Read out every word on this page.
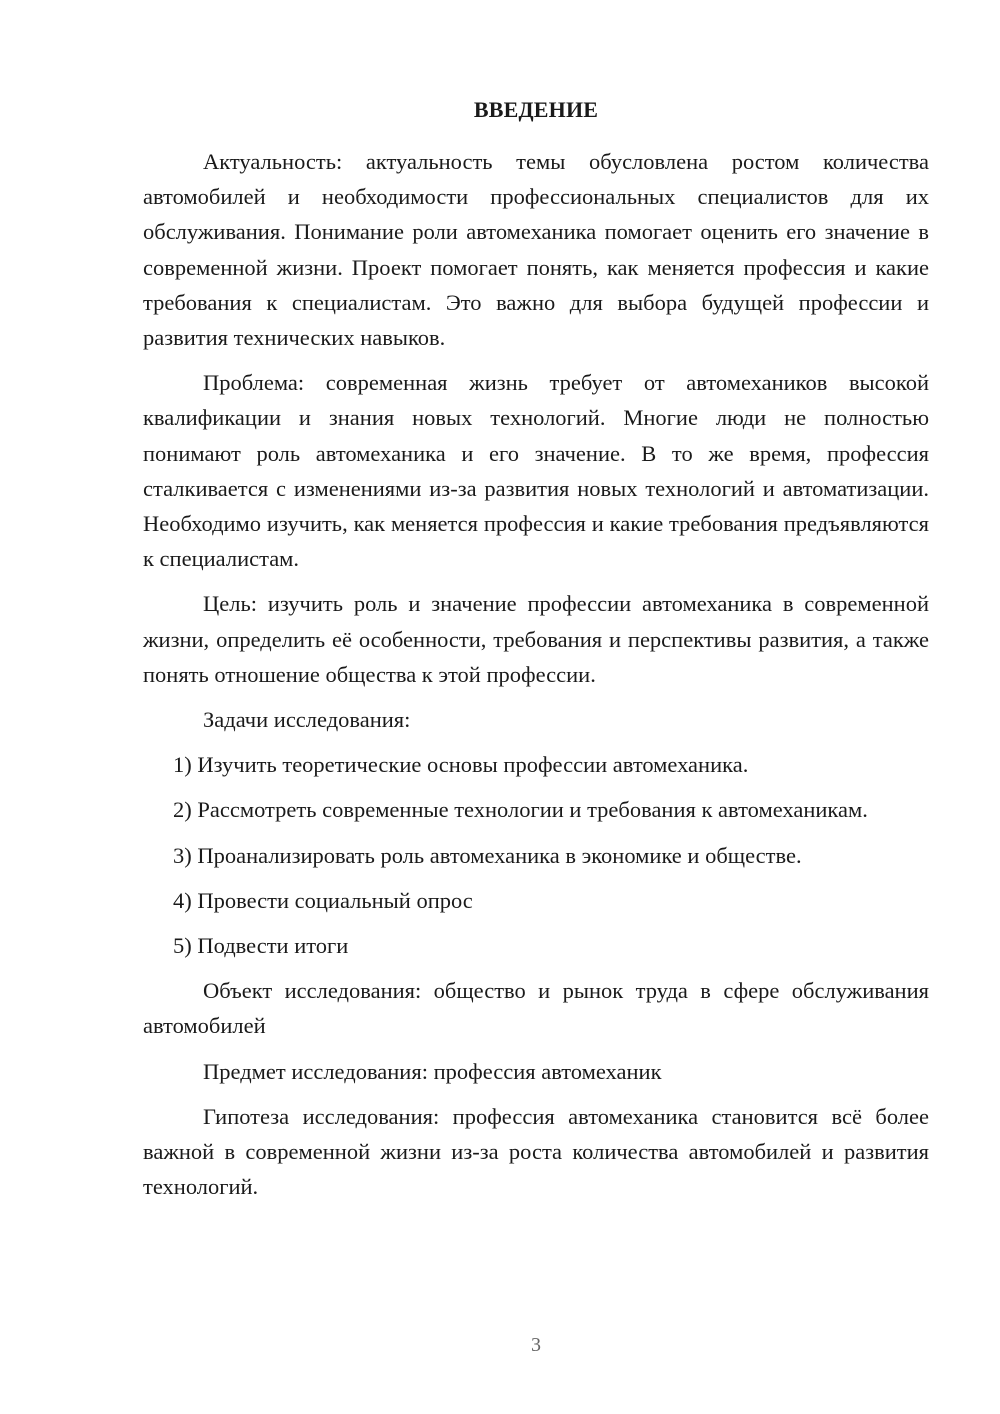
ВВЕДЕНИЕ

Актуальность: актуальность темы обусловлена ростом количества автомобилей и необходимости профессиональных специалистов для их обслуживания. Понимание роли автомеханика помогает оценить его значение в современной жизни. Проект помогает понять, как меняется профессия и какие требования к специалистам. Это важно для выбора будущей профессии и развития технических навыков.

Проблема: современная жизнь требует от автомехаников высокой квалификации и знания новых технологий. Многие люди не полностью понимают роль автомеханика и его значение. В то же время, профессия сталкивается с изменениями из-за развития новых технологий и автоматизации. Необходимо изучить, как меняется профессия и какие требования предъявляются к специалистам.

Цель: изучить роль и значение профессии автомеханика в современной жизни, определить её особенности, требования и перспективы развития, а также понять отношение общества к этой профессии.

Задачи исследования:

1) Изучить теоретические основы профессии автомеханика.

2) Рассмотреть современные технологии и требования к автомеханикам.

3) Проанализировать роль автомеханика в экономике и обществе.

4) Провести социальный опрос

5) Подвести итоги

Объект исследования: общество и рынок труда в сфере обслуживания автомобилей

Предмет исследования: профессия автомеханик

Гипотеза исследования: профессия автомеханика становится всё более важной в современной жизни из-за роста количества автомобилей и развития технологий.

3
